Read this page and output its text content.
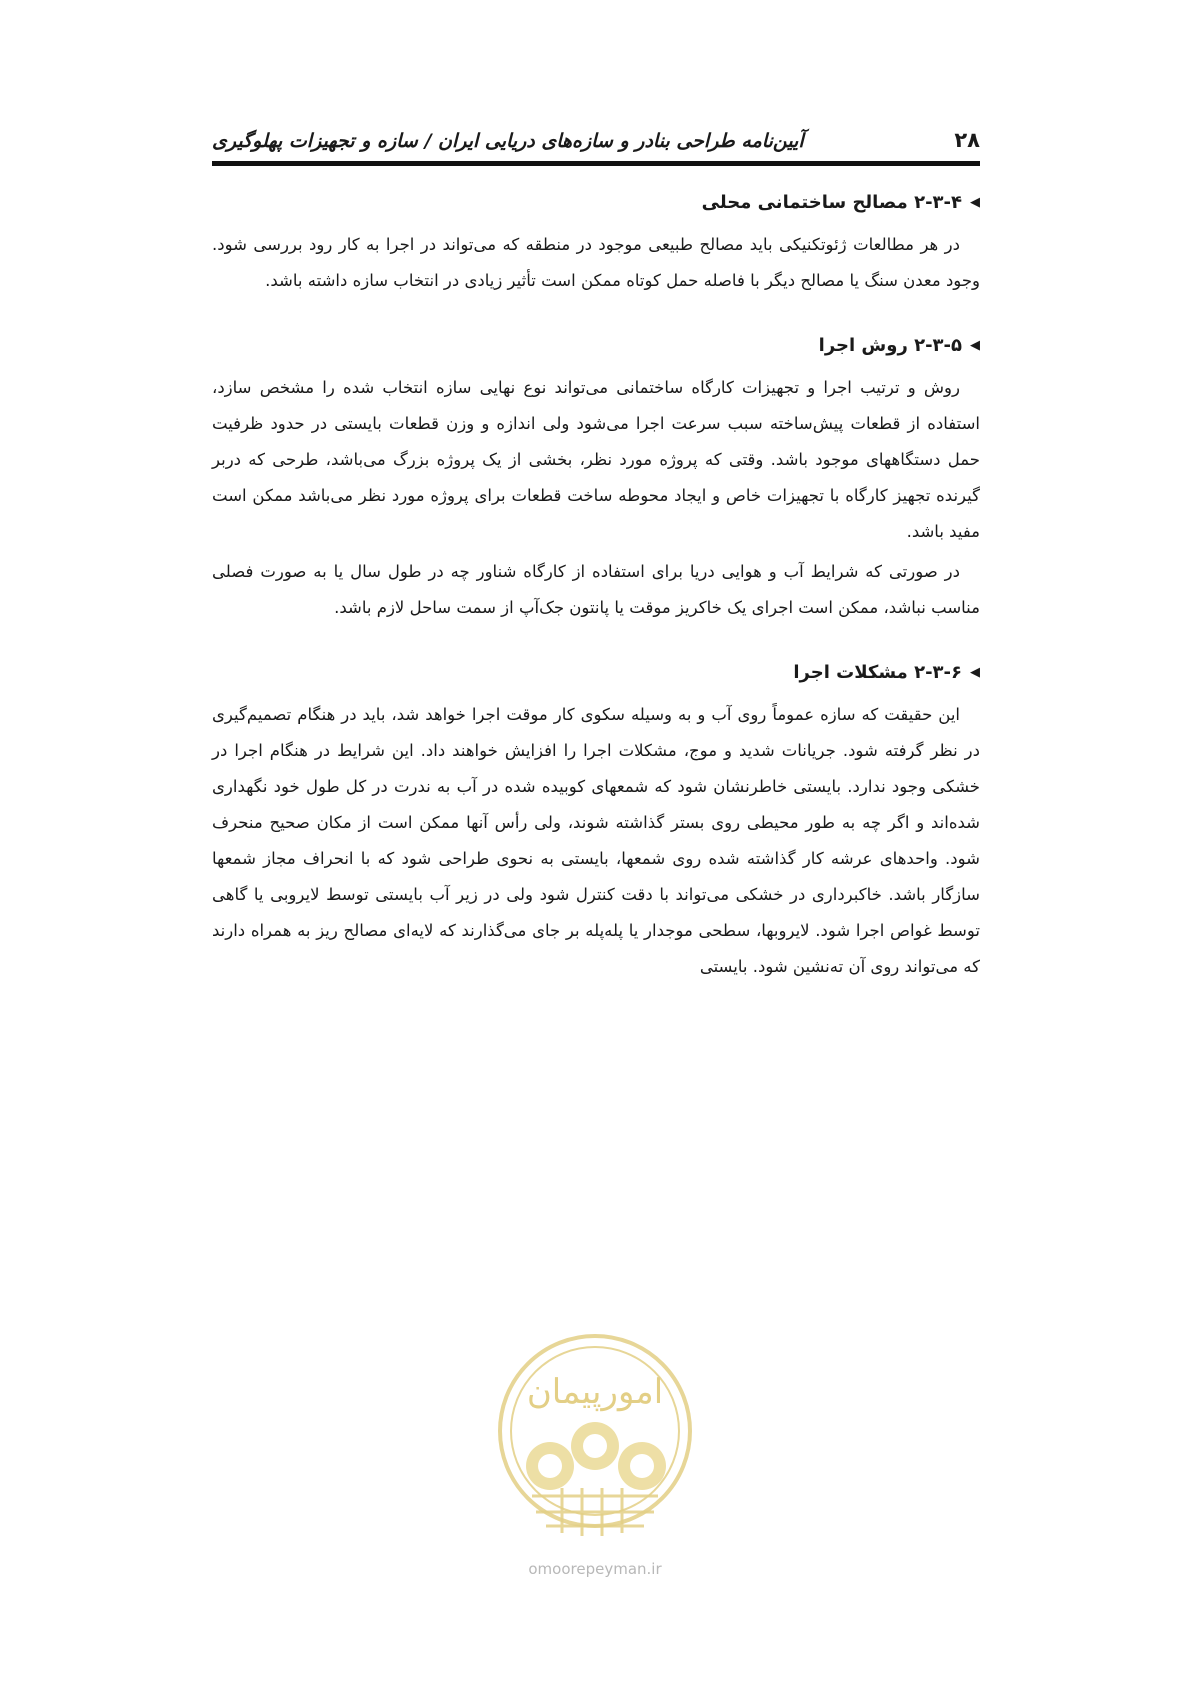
۲۸
آیین‌نامه طراحی بنادر و سازه‌های دریایی ایران / سازه و تجهیزات پهلوگیری
▶
۲-۳-۴ مصالح ساختمانی محلی

در هر مطالعات ژئوتکنیکی باید مصالح طبیعی موجود در منطقه که می‌تواند در اجرا به کار رود بررسی شود. وجود معدن سنگ یا مصالح دیگر با فاصله حمل کوتاه ممکن است تأثیر زیادی در انتخاب سازه داشته باشد.

▶
۲-۳-۵ روش اجرا

روش و ترتیب اجرا و تجهیزات کارگاه ساختمانی می‌تواند نوع نهایی سازه انتخاب شده را مشخص سازد، استفاده از قطعات پیش‌ساخته سبب سرعت اجرا می‌شود ولی اندازه و وزن قطعات بایستی در حدود ظرفیت حمل دستگاههای موجود باشد. وقتی که پروژه مورد نظر، بخشی از یک پروژه بزرگ می‌باشد، طرحی که دربر گیرنده تجهیز کارگاه با تجهیزات خاص و ایجاد محوطه ساخت قطعات برای پروژه مورد نظر می‌باشد ممکن است مفید باشد.

در صورتی که شرایط آب و هوایی دریا برای استفاده از کارگاه شناور چه در طول سال یا به صورت فصلی مناسب نباشد، ممکن است اجرای یک خاکریز موقت یا پانتون جک‌آپ از سمت ساحل لازم باشد.

▶
۲-۳-۶ مشکلات اجرا

این حقیقت که سازه عموماً روی آب و به وسیله سکوی کار موقت اجرا خواهد شد، باید در هنگام تصمیم‌گیری در نظر گرفته شود. جریانات شدید و موج، مشکلات اجرا را افزایش خواهند داد. این شرایط در هنگام اجرا در خشکی وجود ندارد. بایستی خاطرنشان شود که شمعهای کوبیده شده در آب به ندرت در کل طول خود نگهداری شده‌اند و اگر چه به طور محیطی روی بستر گذاشته شوند، ولی رأس آنها ممکن است از مکان صحیح منحرف شود. واحدهای عرشه کار گذاشته شده روی شمعها، بایستی به نحوی طراحی شود که با انحراف مجاز شمعها سازگار باشد. خاکبرداری در خشکی می‌تواند با دقت کنترل شود ولی در زیر آب بایستی توسط لایروبی یا گاهی توسط غواص اجرا شود. لایروبها، سطحی موجدار یا پله‌پله بر جای می‌گذارند که لایه‌ای مصالح ریز به همراه دارند که می‌تواند روی آن ته‌نشین شود. بایستی

امورپیمان
omoorepeyman.ir
